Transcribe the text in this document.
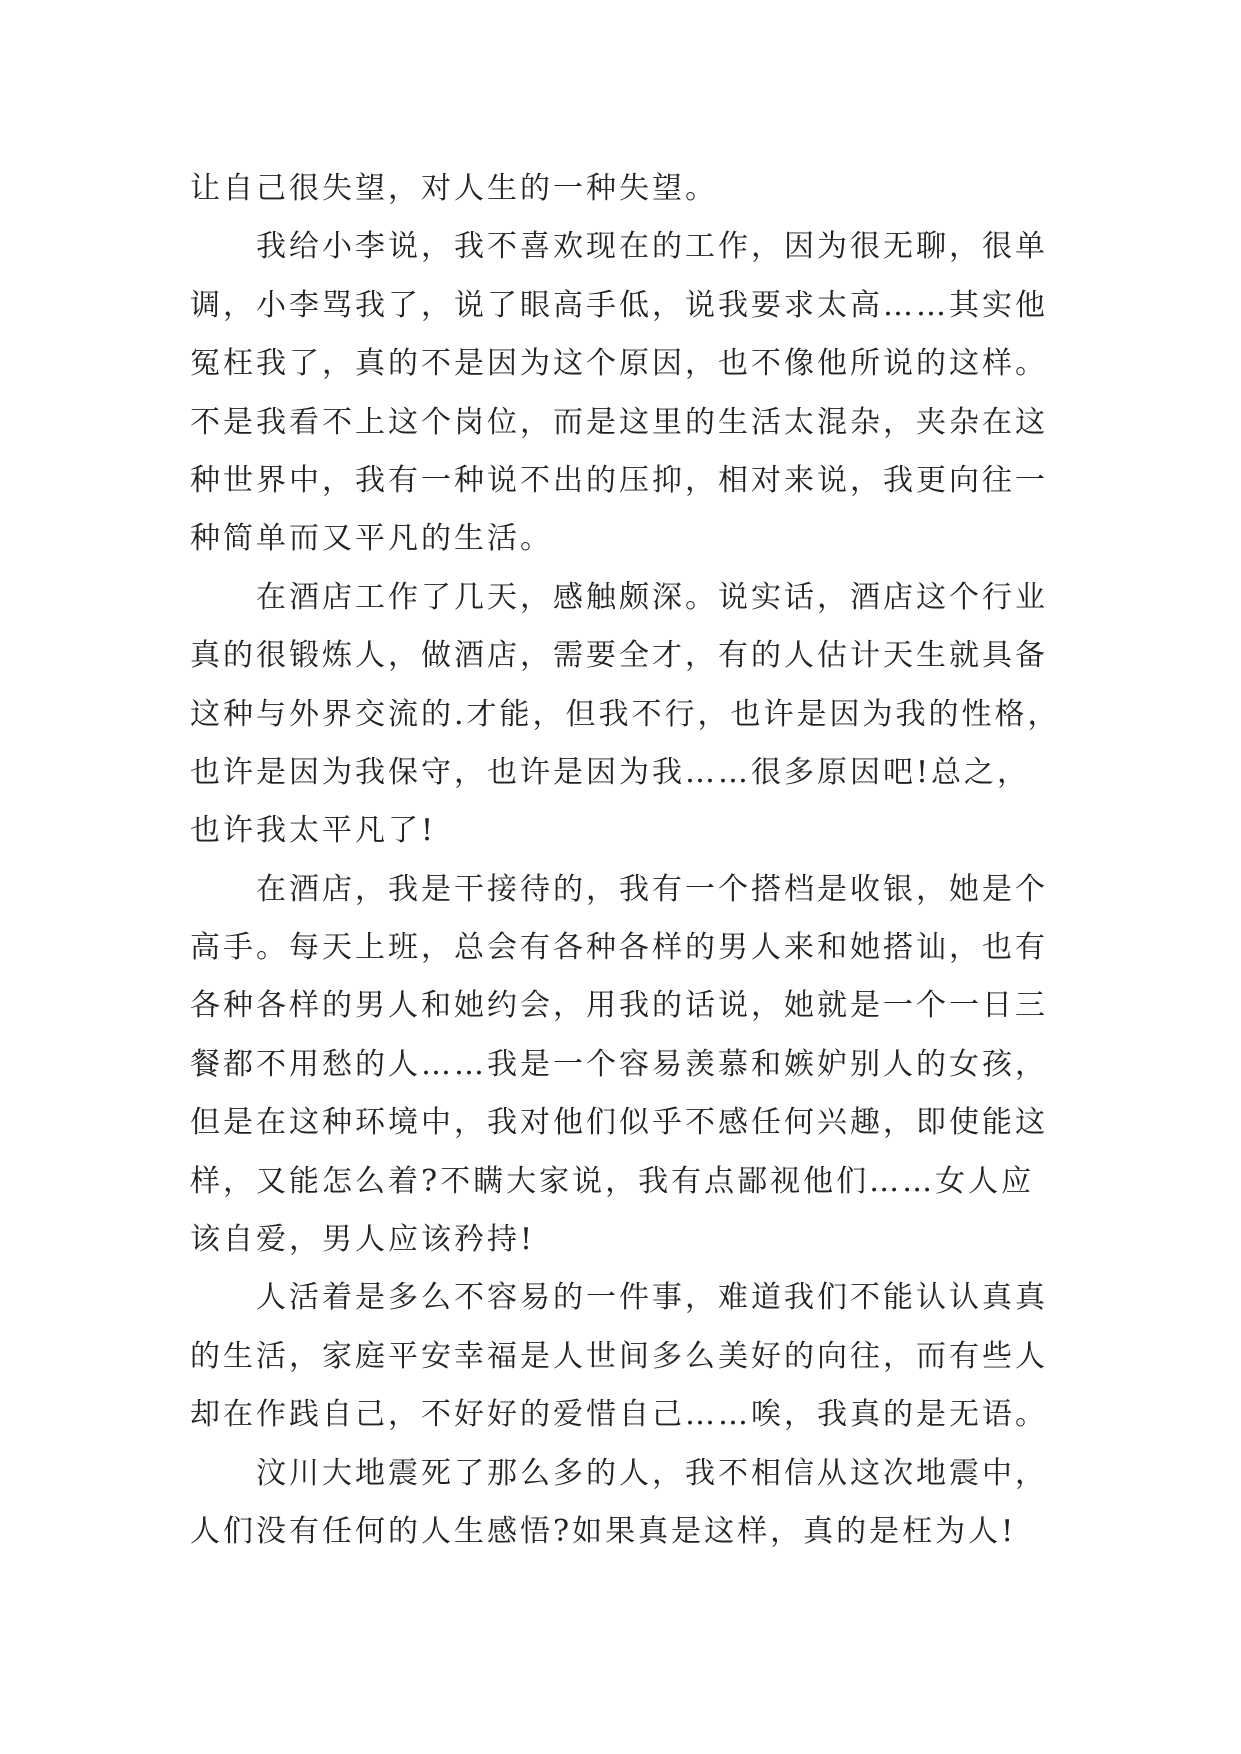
让自己很失望，对人生的一种失望。
　　我给小李说，我不喜欢现在的工作，因为很无聊，很单
调，小李骂我了，说了眼高手低，说我要求太高……其实他
冤枉我了，真的不是因为这个原因，也不像他所说的这样。
不是我看不上这个岗位，而是这里的生活太混杂，夹杂在这
种世界中，我有一种说不出的压抑，相对来说，我更向往一
种简单而又平凡的生活。
　　在酒店工作了几天，感触颇深。说实话，酒店这个行业
真的很锻炼人，做酒店，需要全才，有的人估计天生就具备
这种与外界交流的.才能，但我不行，也许是因为我的性格，
也许是因为我保守，也许是因为我……很多原因吧!总之，
也许我太平凡了!
　　在酒店，我是干接待的，我有一个搭档是收银，她是个
高手。每天上班，总会有各种各样的男人来和她搭讪，也有
各种各样的男人和她约会，用我的话说，她就是一个一日三
餐都不用愁的人……我是一个容易羡慕和嫉妒别人的女孩，
但是在这种环境中，我对他们似乎不感任何兴趣，即使能这
样，又能怎么着?不瞒大家说，我有点鄙视他们……女人应
该自爱，男人应该矜持!
　　人活着是多么不容易的一件事，难道我们不能认认真真
的生活，家庭平安幸福是人世间多么美好的向往，而有些人
却在作践自己，不好好的爱惜自己……唉，我真的是无语。
　　汶川大地震死了那么多的人，我不相信从这次地震中，
人们没有任何的人生感悟?如果真是这样，真的是枉为人!
